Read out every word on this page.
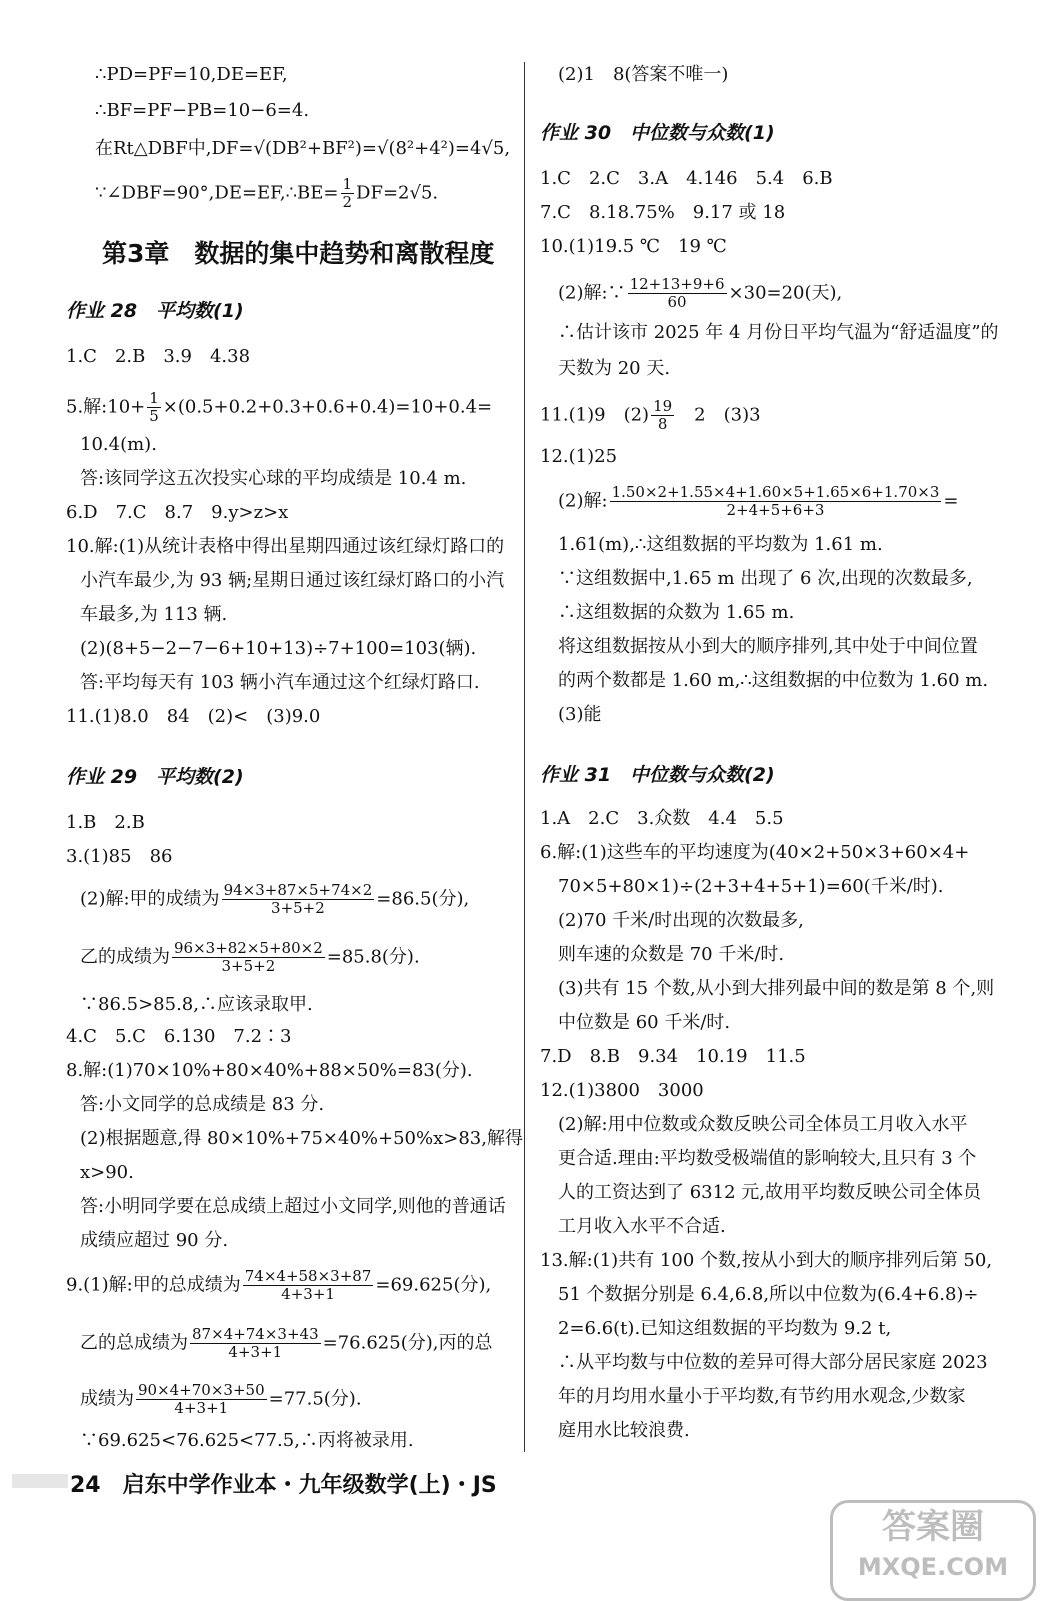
∴PD=PF=10,DE=EF,
∴BF=PF−PB=10−6=4.
在Rt△DBF中,DF=√(DB²+BF²)=√(8²+4²)=4√5,
∵∠DBF=90°,DE=EF,∴BE= $\frac{1}{2} DF=2√5$.
第3章　数据的集中趋势和离散程度
作业 28　平均数(1)
1.C　2.B　3.9　4.38
5.解:10+ $\frac{1}{5} \times(0.5+0.2+0.3+0.6+0.4)=10+0.4=$
10.4(m).
答:该同学这五次投实心球的平均成绩是 10.4 m.
6.D　7.C　8.7　9.y>z>x
10.解:(1)从统计表格中得出星期四通过该红绿灯路口的
小汽车最少,为 93 辆;星期日通过该红绿灯路口的小汽
车最多,为 113 辆.
(2)(8+5−2−7−6+10+13)÷7+100=103(辆).
答:平均每天有 103 辆小汽车通过这个红绿灯路口.
11.(1)8.0　84　(2)<　(3)9.0
作业 29　平均数(2)
1.B　2.B
3.(1)85　86
(2)解:甲的成绩为 $\frac{94\times 3+87\times 5+74\times 2}{3+5+2} =86.5$(分),
乙的成绩为 $\frac{96\times 3+82\times 5+80\times 2}{3+5+2} =85.8$(分).
∵86.5>85.8,∴应该录取甲.
4.C　5.C　6.130　7.2∶3
8.解:(1)70×10%+80×40%+88×50%=83(分).
答:小文同学的总成绩是 83 分.
(2)根据题意,得 80×10%+75×40%+50%x>83,解得
x>90.
答:小明同学要在总成绩上超过小文同学,则他的普通话
成绩应超过 90 分.
9.(1)解:甲的总成绩为 $\frac{74\times 4+58\times 3+87}{4+3+1} =69.625$(分),
乙的总成绩为 $\frac{87\times 4+74\times 3+43}{4+3+1} =76.625$(分),丙的总
成绩为 $\frac{90\times 4+70\times 3+50}{4+3+1} =77.5$(分).
∵69.625<76.625<77.5,∴丙将被录用.
(2)1　8(答案不唯一)
作业 30　中位数与众数(1)
1.C　2.C　3.A　4.146　5.4　6.B
7.C　8.18.75%　9.17 或 18
10.(1)19.5 ℃　19 ℃
(2)解:∵ $\frac{12+13+9+6}{60} \times 30=20$(天),
∴估计该市 2025 年 4 月份日平均气温为“舒适温度”的
天数为 20 天.
11.(1)9　$(2) \frac{19}{8}$ 　2　(3)3
12.(1)25
(2)解: $\frac{1.50\times 2+1.55\times 4+1.60\times 5+1.65\times 6+1.70\times 3}{2+4+5+6+3}$ =
1.61(m),∴这组数据的平均数为 1.61 m.
∵这组数据中,1.65 m 出现了 6 次,出现的次数最多,
∴这组数据的众数为 1.65 m.
将这组数据按从小到大的顺序排列,其中处于中间位置
的两个数都是 1.60 m,∴这组数据的中位数为 1.60 m.
(3)能
作业 31　中位数与众数(2)
1.A　2.C　3.众数　4.4　5.5
6.解:(1)这些车的平均速度为(40×2+50×3+60×4+
70×5+80×1)÷(2+3+4+5+1)=60(千米/时).
(2)70 千米/时出现的次数最多,
则车速的众数是 70 千米/时.
(3)共有 15 个数,从小到大排列最中间的数是第 8 个,则
中位数是 60 千米/时.
7.D　8.B　9.34　10.19　11.5
12.(1)3800　3000
(2)解:用中位数或众数反映公司全体员工月收入水平
更合适.理由:平均数受极端值的影响较大,且只有 3 个
人的工资达到了 6312 元,故用平均数反映公司全体员
工月收入水平不合适.
13.解:(1)共有 100 个数,按从小到大的顺序排列后第 50,
51 个数据分别是 6.4,6.8,所以中位数为(6.4+6.8)÷
2=6.6(t).已知这组数据的平均数为 9.2 t,
∴从平均数与中位数的差异可得大部分居民家庭 2023
年的月均用水量小于平均数,有节约用水观念,少数家
庭用水比较浪费.
24　启东中学作业本・九年级数学(上)・JS
答案圈
MXQE.COM
